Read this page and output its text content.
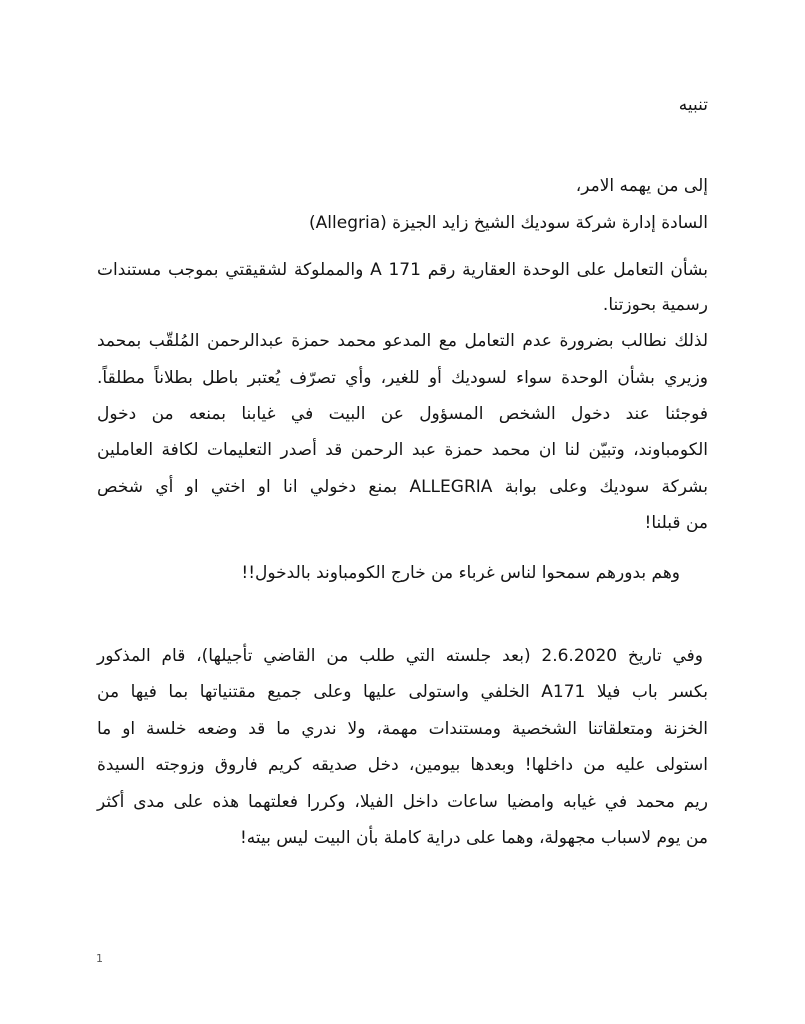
تنبيه
إلى من يهمه الامر،
السادة إدارة شركة سوديك الشيخ زايد الجيزة (Allegria)
بشأن التعامل على الوحدة العقارية رقم A 171 والمملوكة لشقيقتي بموجب مستندات
رسمية بحوزتنا.
لذلك نطالب بضرورة عدم التعامل مع المدعو محمد حمزة عبدالرحمن المُلقّب بمحمد
وزيري بشأن الوحدة سواء لسوديك أو للغير، وأي تصرّف يُعتبر باطل بطلاناً مطلقاً.
فوجئنا عند دخول الشخص المسؤول عن البيت في غيابنا بمنعه من دخول
الكومباوند، وتبيّن لنا ان محمد حمزة عبد الرحمن قد أصدر التعليمات لكافة العاملين
بشركة سوديك وعلى بوابة ALLEGRIA بمنع دخولي انا او اختي او أي شخص
من قبلنا!
وهم بدورهم سمحوا لناس غرباء من خارج الكومباوند بالدخول!!
وفي تاريخ 2.6.2020 (بعد جلسته التي طلب من القاضي تأجيلها)، قام المذكور
بكسر باب فيلا A171 الخلفي واستولى عليها وعلى جميع مقتنياتها بما فيها من
الخزنة ومتعلقاتنا الشخصية ومستندات مهمة، ولا ندري ما قد وضعه خلسة او ما
استولى عليه من داخلها! وبعدها بيومين، دخل صديقه كريم فاروق وزوجته السيدة
ريم محمد في غيابه وامضيا ساعات داخل الفيلا، وكررا فعلتهما هذه على مدى أكثر
من يوم لاسباب مجهولة، وهما على دراية كاملة بأن البيت ليس بيته!
1
